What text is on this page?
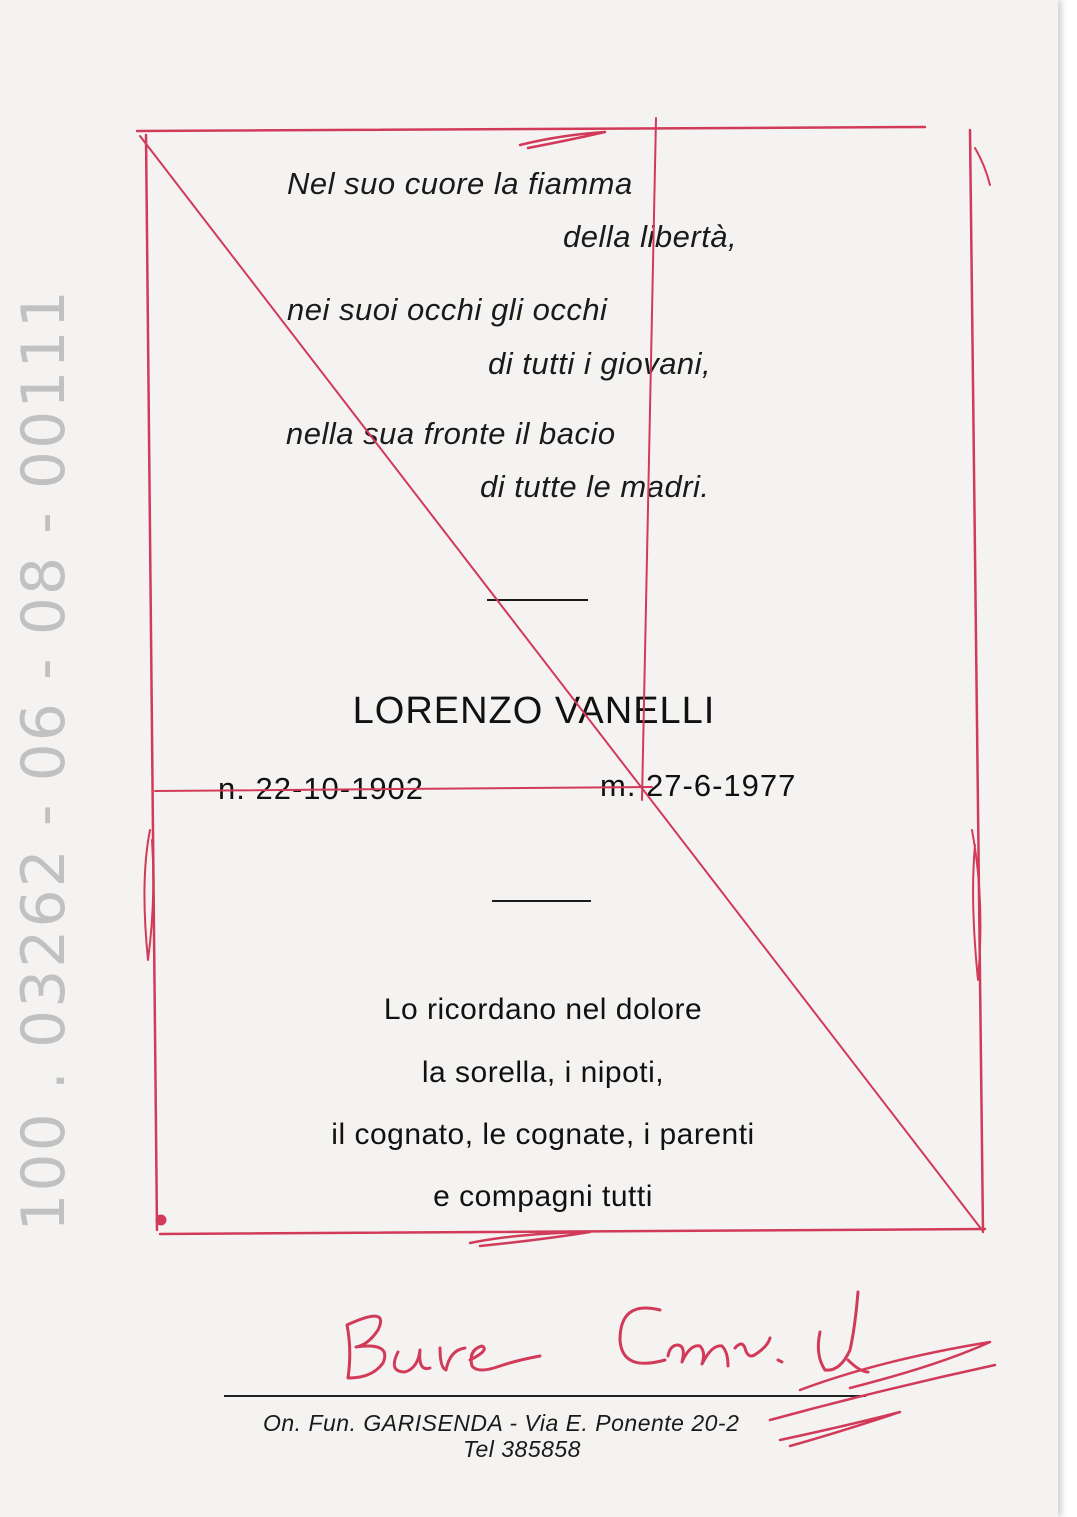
100 . 03262 - 06 - 08 - 00111
Nel suo cuore la fiamma
della libertà,
nei suoi occhi gli occhi
di tutti i giovani,
nella sua fronte il bacio
di tutte le madri.
LORENZO VANELLI
n. 22-10-1902	m. 27-6-1977
Lo ricordano nel dolore
la sorella, i nipoti,
il cognato, le cognate, i parenti
e compagni tutti
On. Fun. GARISENDA - Via E. Ponente 20-2
Tel 385858
